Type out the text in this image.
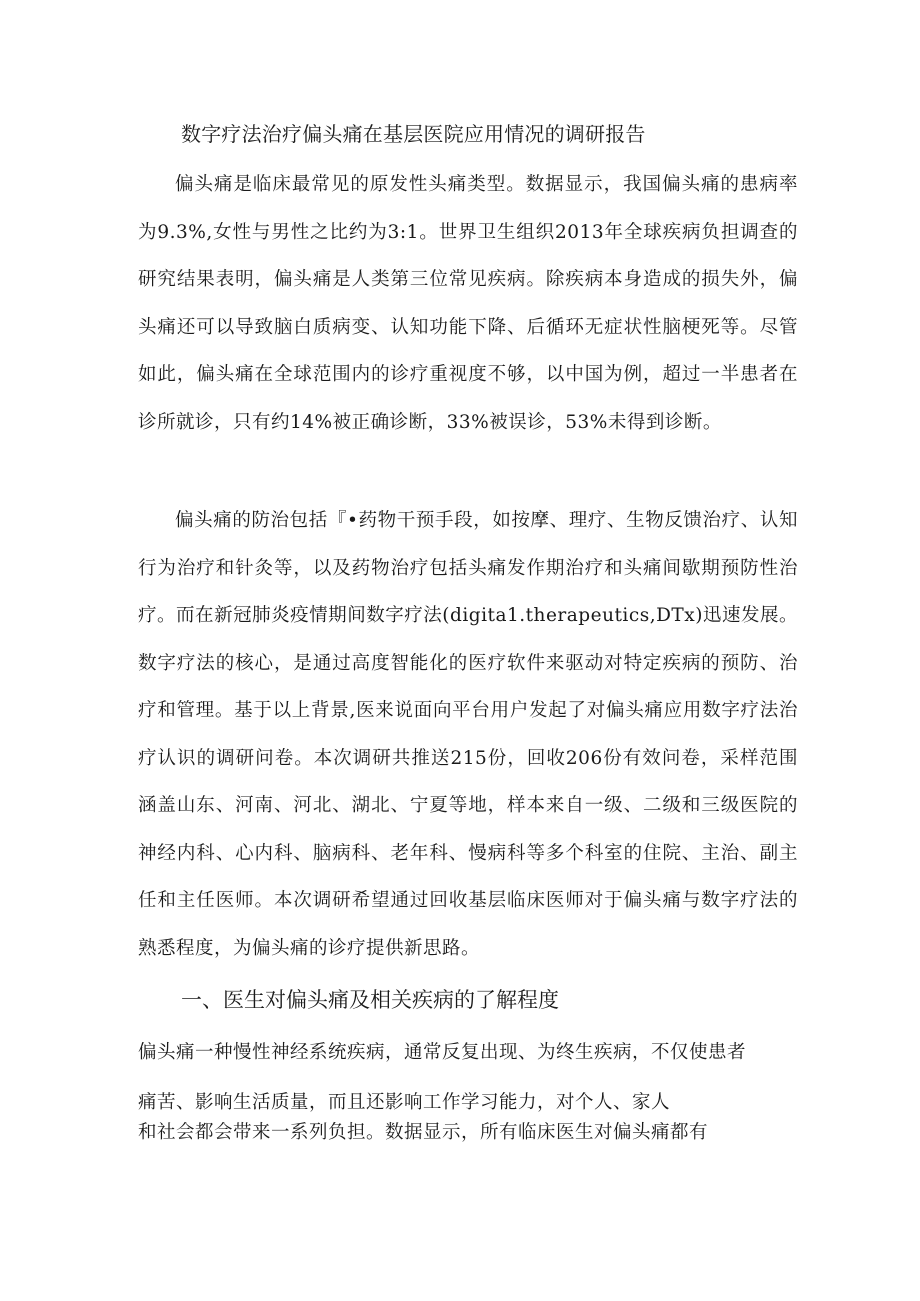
数字疗法治疗偏头痛在基层医院应用情况的调研报告
偏头痛是临床最常见的原发性头痛类型。数据显示，我国偏头痛的患病率为9.3%,女性与男性之比约为3:1。世界卫生组织2013年全球疾病负担调查的研究结果表明，偏头痛是人类第三位常见疾病。除疾病本身造成的损失外，偏头痛还可以导致脑白质病变、认知功能下降、后循环无症状性脑梗死等。尽管如此，偏头痛在全球范围内的诊疗重视度不够，以中国为例，超过一半患者在诊所就诊，只有约14%被正确诊断，33%被误诊，53%未得到诊断。
偏头痛的防治包括『•药物干预手段，如按摩、理疗、生物反馈治疗、认知行为治疗和针灸等，以及药物治疗包括头痛发作期治疗和头痛间歇期预防性治疗。而在新冠肺炎疫情期间数字疗法(digita1.therapeutics,DTx)迅速发展。数字疗法的核心，是通过高度智能化的医疗软件来驱动对特定疾病的预防、治疗和管理。基于以上背景,医来说面向平台用户发起了对偏头痛应用数字疗法治疗认识的调研问卷。本次调研共推送215份，回收206份有效问卷，采样范围涵盖山东、河南、河北、湖北、宁夏等地，样本来自一级、二级和三级医院的神经内科、心内科、脑病科、老年科、慢病科等多个科室的住院、主治、副主任和主任医师。本次调研希望通过回收基层临床医师对于偏头痛与数字疗法的熟悉程度，为偏头痛的诊疗提供新思路。
一、医生对偏头痛及相关疾病的了解程度
偏头痛一种慢性神经系统疾病，通常反复出现、为终生疾病，不仅使患者
痛苦、影响生活质量，而且还影响工作学习能力，对个人、家人
和社会都会带来一系列负担。数据显示，所有临床医生对偏头痛都有
